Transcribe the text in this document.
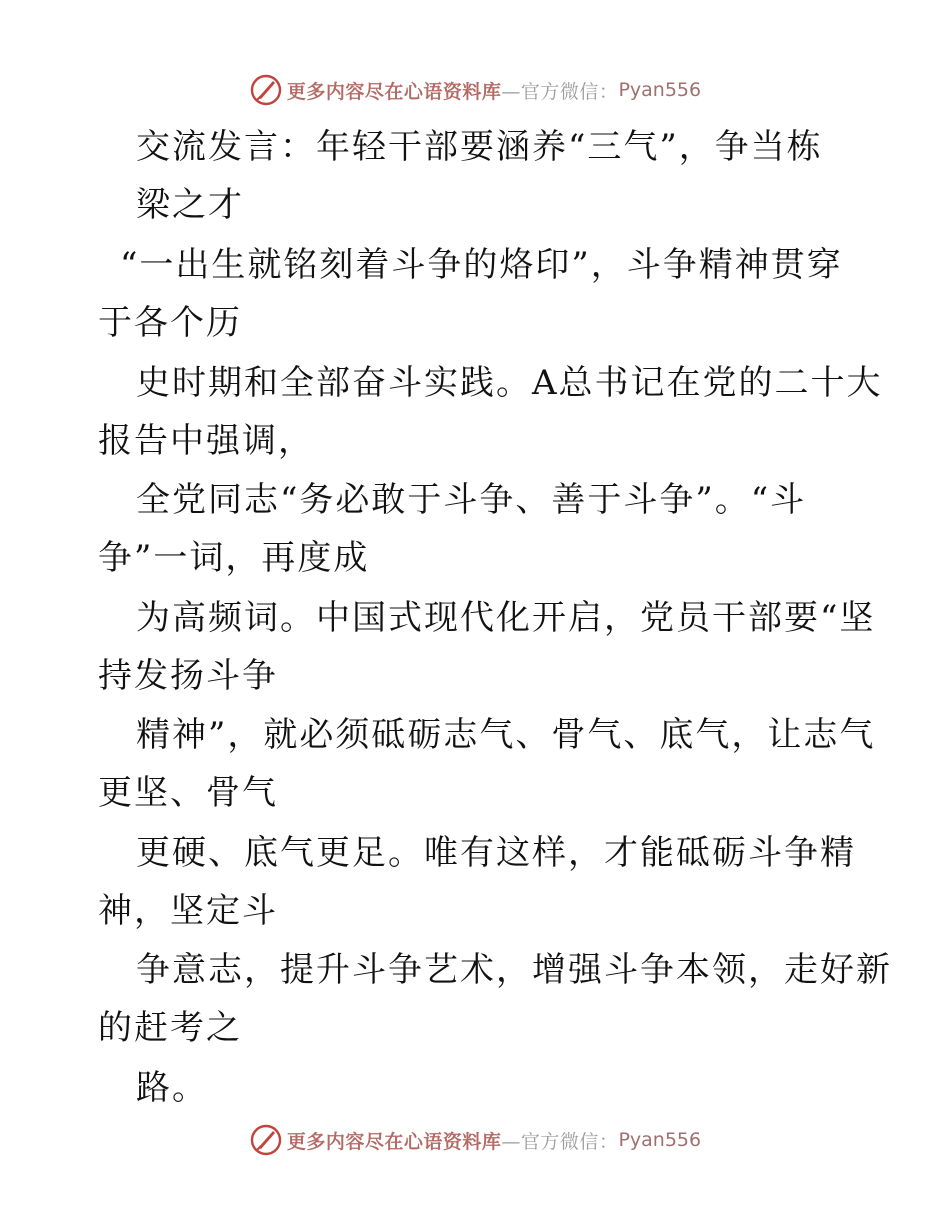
更多内容尽在心语资料库 —官方微信： Pyan556
交流发言：年轻干部要涵养“三气”，争当栋
梁之才
“一出生就铭刻着斗争的烙印”，斗争精神贯穿
于各个历
史时期和全部奋斗实践。A总书记在党的二十大
报告中强调，
全党同志“务必敢于斗争、善于斗争”。“斗
争”一词，再度成
为高频词。中国式现代化开启，党员干部要“坚
持发扬斗争
精神”，就必须砥砺志气、骨气、底气，让志气
更坚、骨气
更硬、底气更足。唯有这样，才能砥砺斗争精
神，坚定斗
争意志，提升斗争艺术，增强斗争本领，走好新
的赶考之
路。
更多内容尽在心语资料库 —官方微信： Pyan556
